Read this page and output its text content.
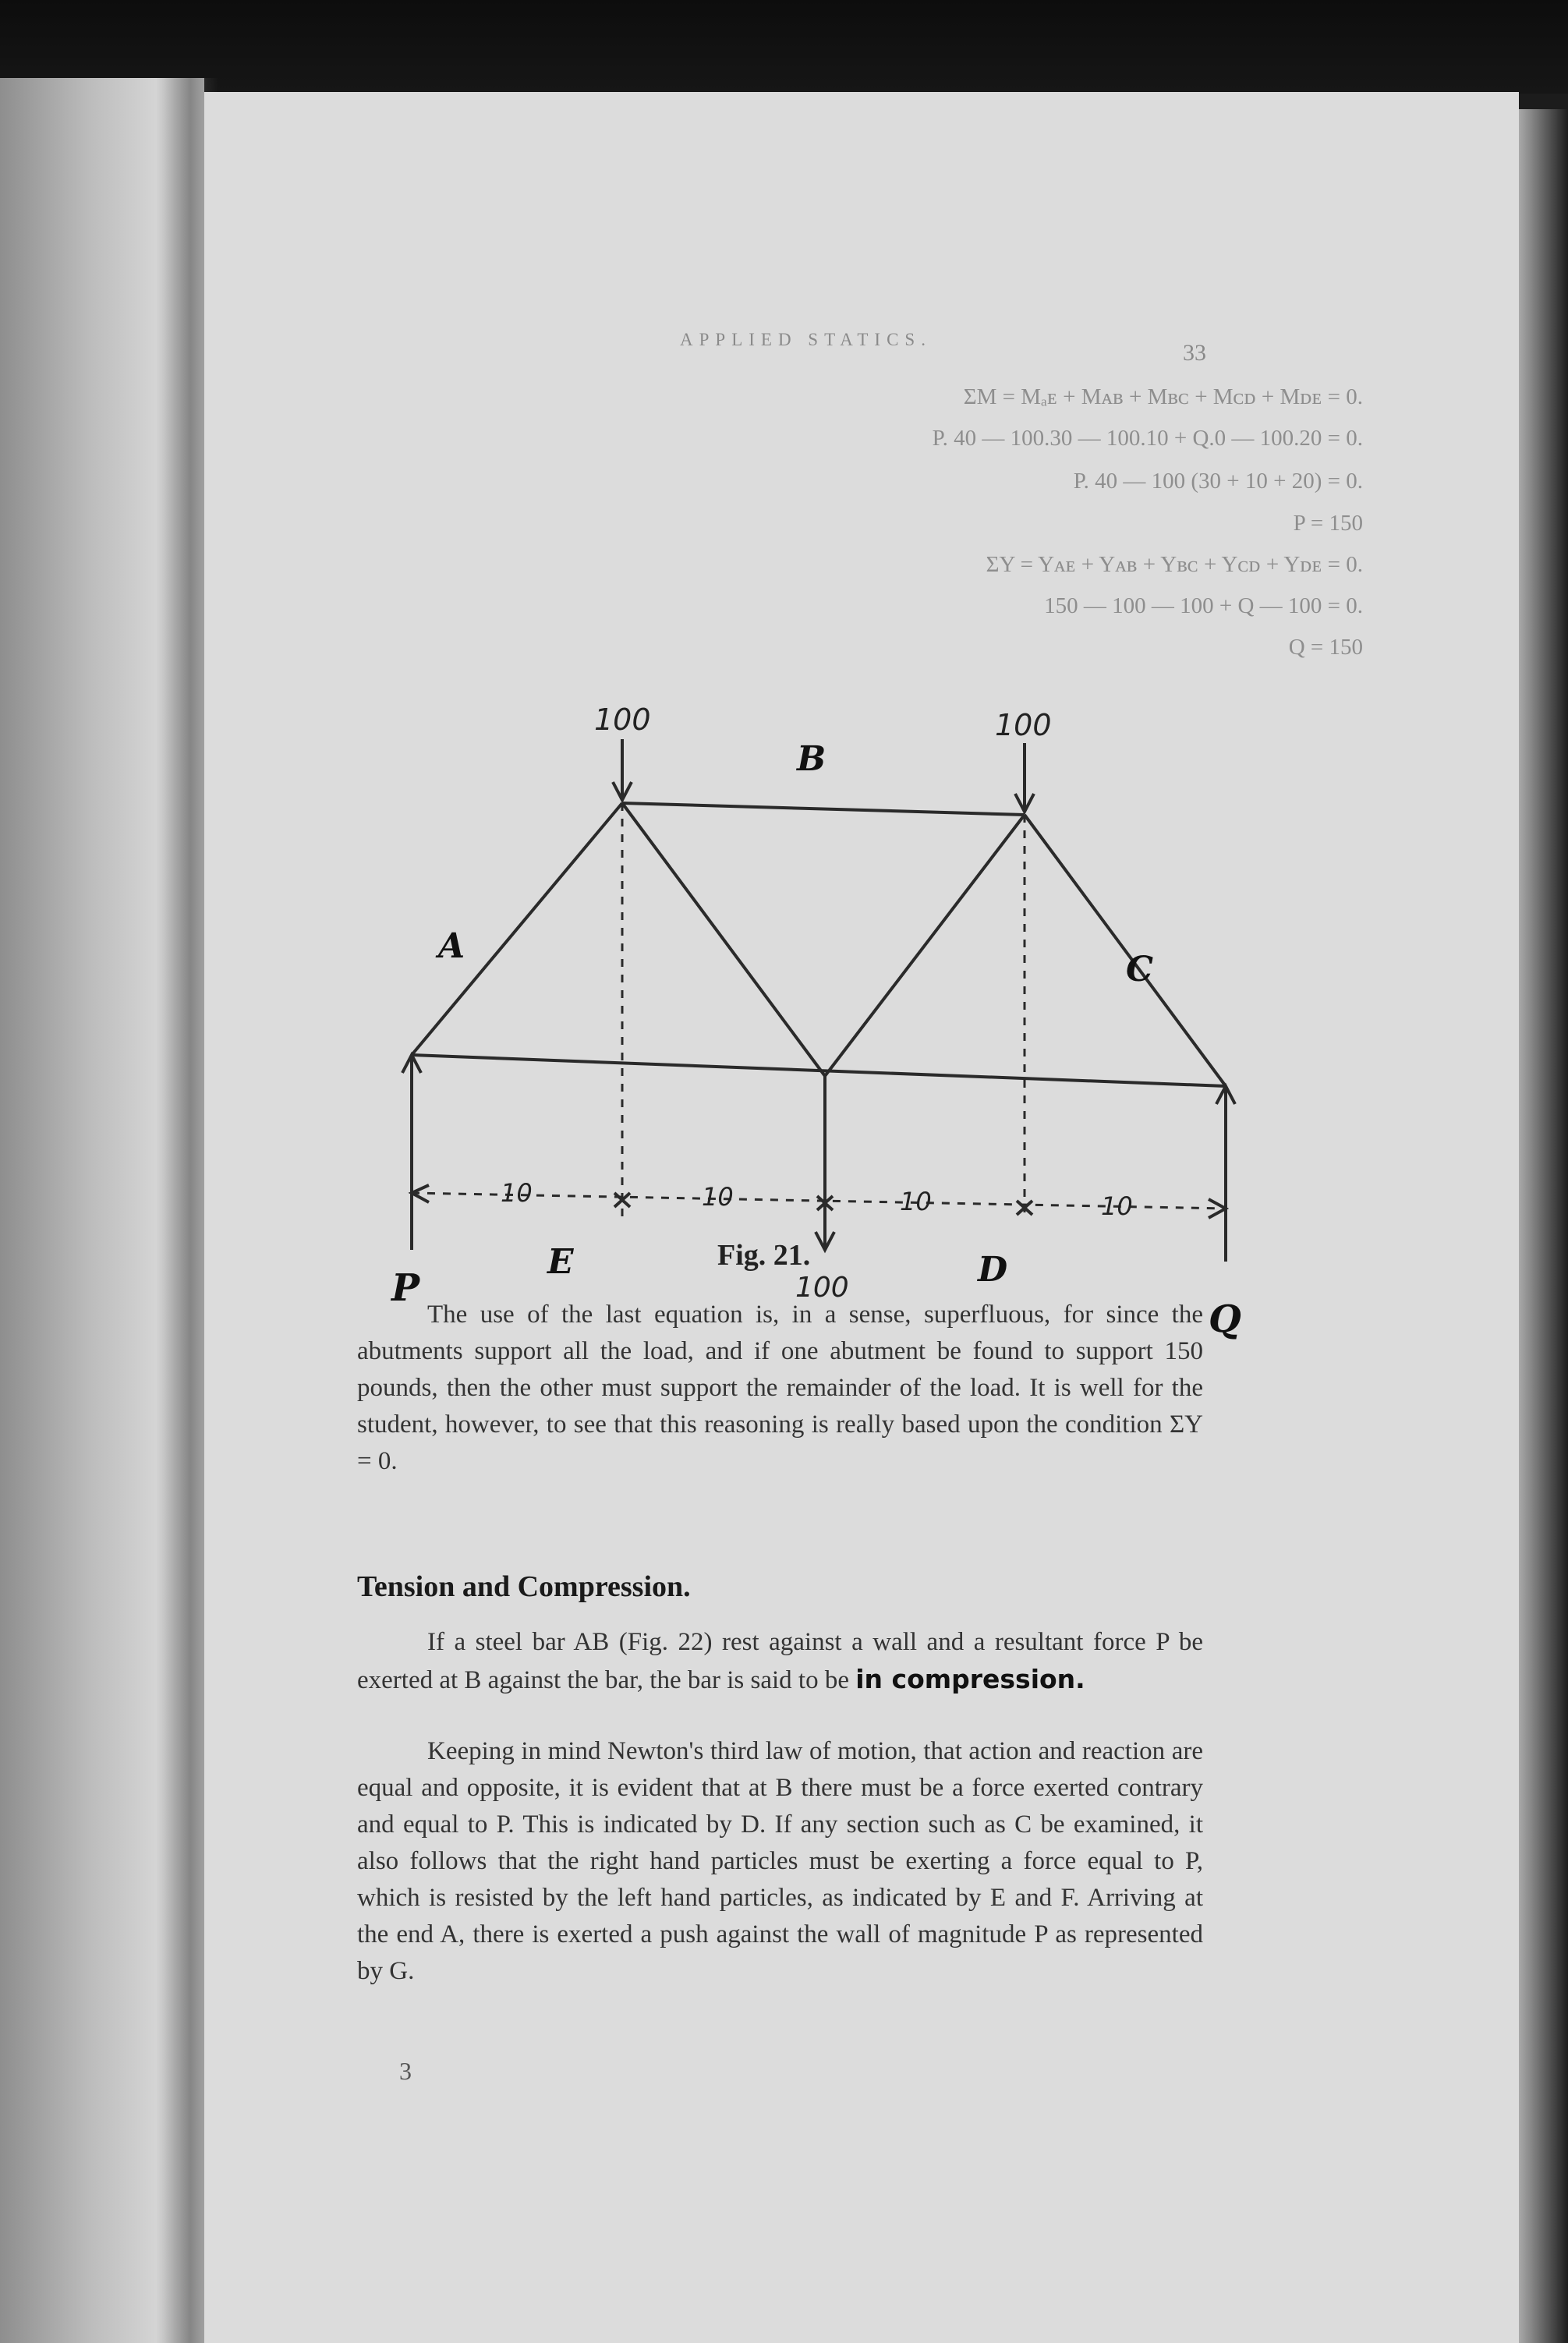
APPLIED STATICS.
33
ΣM = Mₐᴇ + Mᴀʙ + Mʙᴄ + Mᴄᴅ + Mᴅᴇ = 0.
P. 40 — 100.30 — 100.10 + Q.0 — 100.20 = 0.
P. 40 — 100 (30 + 10 + 20) = 0.
P = 150
ΣY = Yᴀᴇ + Yᴀʙ + Yʙᴄ + Yᴄᴅ + Yᴅᴇ = 0.
150 — 100 — 100 + Q — 100 = 0.
Q = 150
100	100
100
10	10	10	10
A
B
C
E	D
P
Q
Fig. 21.

The use of the last equation is, in a sense, superfluous, for since the abutments support all the load, and if one abutment be found to support 150 pounds, then the other must support the remainder of the load. It is well for the student, however, to see that this reasoning is really based upon the condition ΣY = 0.

Tension and Compression.

If a steel bar AB (Fig. 22) rest against a wall and a resultant force P be exerted at B against the bar, the bar is said to be in compression.

Keeping in mind Newton's third law of motion, that action and reaction are equal and opposite, it is evident that at B there must be a force exerted contrary and equal to P. This is indicated by D. If any section such as C be examined, it also follows that the right hand particles must be exerting a force equal to P, which is resisted by the left hand particles, as indicated by E and F. Arriving at the end A, there is exerted a push against the wall of magnitude P as represented by G.

3
